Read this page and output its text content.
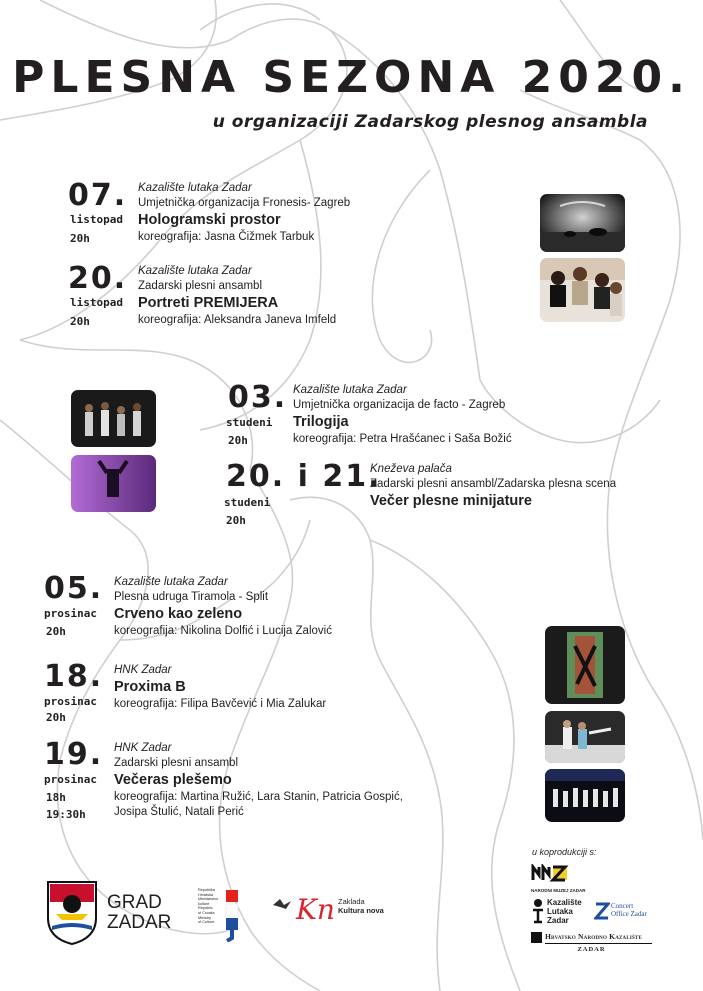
PLESNA SEZONA 2020.
u organizaciji Zadarskog plesnog ansambla
07.
listopad
20h
Kazalište lutaka Zadar
Umjetnička organizacija Fronesis- Zagreb
Hologramski prostor
koreografija: Jasna Čižmek Tarbuk
20.
listopad
20h
Kazalište lutaka Zadar
Zadarski plesni ansambl
Portreti PREMIJERA
koreografija: Aleksandra Janeva Imfeld
03.
studeni
20h
Kazalište lutaka Zadar
Umjetnička organizacija de facto - Zagreb
Trilogija
koreografija: Petra Hrašćanec i Saša Božić
20. i 21.
studeni
20h
Kneževa palača
Zadarski plesni ansambl/Zadarska plesna scena
Večer plesne minijature
05.
prosinac
20h
Kazalište lutaka Zadar
Plesna udruga Tiramola - Split
Crveno kao zeleno
koreografija: Nikolina Dolfić i Lucija Zalović
18.
prosinac
20h
HNK Zadar
Proxima B
koreografija: Filipa Bavčević i Mia Zalukar
19.
prosinac
18h
19:30h
HNK Zadar
Zadarski plesni ansambl
Večeras plešemo
koreografija: Martina Ružić, Lara Stanin, Patricia Gospić,
Josipa Štulić, Natali Perić
u koprodukciji s:
NARODNI MUZEJ ZADAR
Kazalište
Lutaka
Zadar
Concert
Office Zadar
Hrvatsko Narodno Kazalište
ZADAR
GRAD
ZADAR
Republika
Hrvatska
Ministarstvo
kulture
Republic
of Croatia
Ministry
of Culture	Kn Zaklada
Kultura nova
